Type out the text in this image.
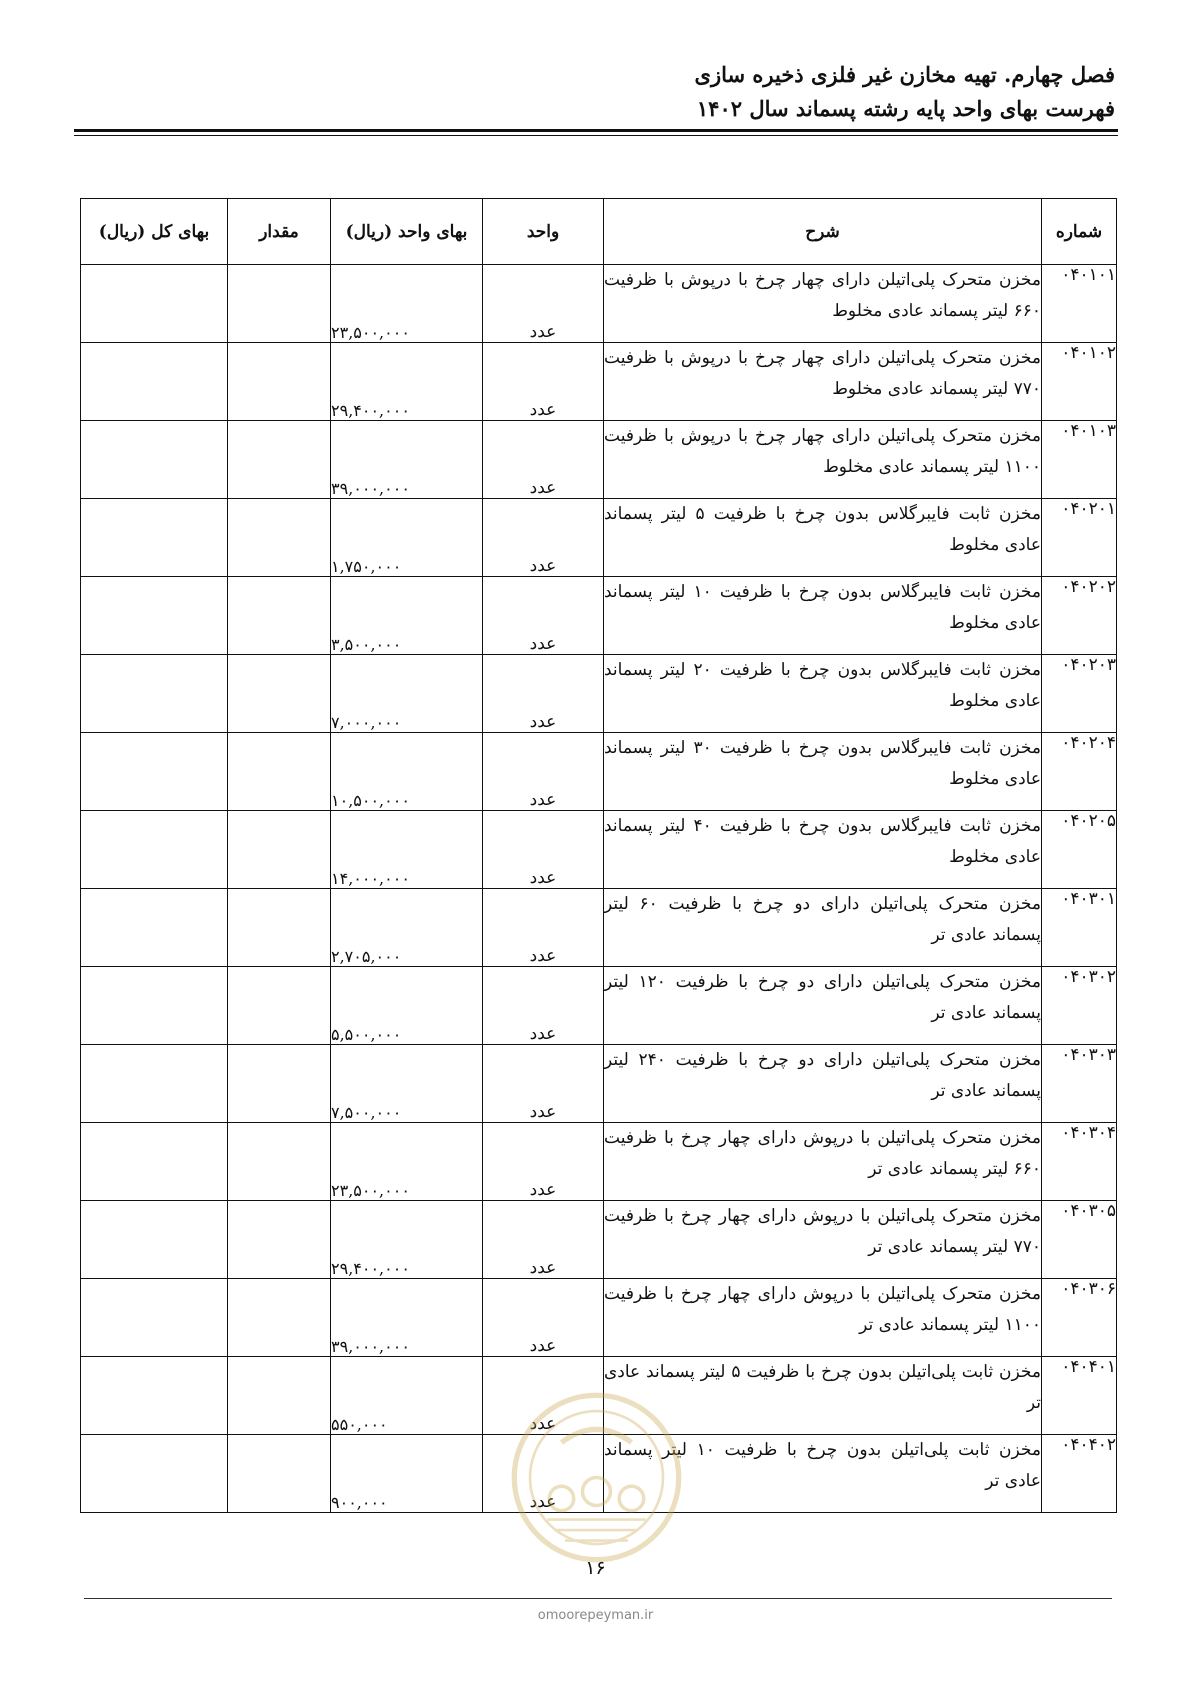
فصل چهارم. تهیه مخازن غیر فلزی ذخیره سازی
فهرست بهای واحد پایه رشته پسماند سال ۱۴۰۲
شماره	شرح	واحد	بهای واحد (ریال)	مقدار	بهای کل (ریال)
۰۴۰۱۰۱	مخزن متحرک پلی‌اتیلن دارای چهار چرخ با درپوش با ظرفیت ۶۶۰ لیتر پسماند عادی مخلوط	عدد	۲۳,۵۰۰,۰۰۰		
۰۴۰۱۰۲	مخزن متحرک پلی‌اتیلن دارای چهار چرخ با درپوش با ظرفیت ۷۷۰ لیتر پسماند عادی مخلوط	عدد	۲۹,۴۰۰,۰۰۰		
۰۴۰۱۰۳	مخزن متحرک پلی‌اتیلن دارای چهار چرخ با درپوش با ظرفیت ۱۱۰۰ لیتر پسماند عادی مخلوط	عدد	۳۹,۰۰۰,۰۰۰		
۰۴۰۲۰۱	مخزن ثابت فایبرگلاس بدون چرخ با ظرفیت ۵ لیتر پسماند عادی مخلوط	عدد	۱,۷۵۰,۰۰۰		
۰۴۰۲۰۲	مخزن ثابت فایبرگلاس بدون چرخ با ظرفیت ۱۰ لیتر پسماند عادی مخلوط	عدد	۳,۵۰۰,۰۰۰		
۰۴۰۲۰۳	مخزن ثابت فایبرگلاس بدون چرخ با ظرفیت ۲۰ لیتر پسماند عادی مخلوط	عدد	۷,۰۰۰,۰۰۰		
۰۴۰۲۰۴	مخزن ثابت فایبرگلاس بدون چرخ با ظرفیت ۳۰ لیتر پسماند عادی مخلوط	عدد	۱۰,۵۰۰,۰۰۰		
۰۴۰۲۰۵	مخزن ثابت فایبرگلاس بدون چرخ با ظرفیت ۴۰ لیتر پسماند عادی مخلوط	عدد	۱۴,۰۰۰,۰۰۰		
۰۴۰۳۰۱	مخزن متحرک پلی‌اتیلن دارای دو چرخ با ظرفیت ۶۰ لیتر پسماند عادی تر	عدد	۲,۷۰۵,۰۰۰		
۰۴۰۳۰۲	مخزن متحرک پلی‌اتیلن دارای دو چرخ با ظرفیت ۱۲۰ لیتر پسماند عادی تر	عدد	۵,۵۰۰,۰۰۰		
۰۴۰۳۰۳	مخزن متحرک پلی‌اتیلن دارای دو چرخ با ظرفیت ۲۴۰ لیتر پسماند عادی تر	عدد	۷,۵۰۰,۰۰۰		
۰۴۰۳۰۴	مخزن متحرک پلی‌اتیلن با درپوش دارای چهار چرخ با ظرفیت ۶۶۰ لیتر پسماند عادی تر	عدد	۲۳,۵۰۰,۰۰۰		
۰۴۰۳۰۵	مخزن متحرک پلی‌اتیلن با درپوش دارای چهار چرخ با ظرفیت ۷۷۰ لیتر پسماند عادی تر	عدد	۲۹,۴۰۰,۰۰۰		
۰۴۰۳۰۶	مخزن متحرک پلی‌اتیلن با درپوش دارای چهار چرخ با ظرفیت ۱۱۰۰ لیتر پسماند عادی تر	عدد	۳۹,۰۰۰,۰۰۰		
۰۴۰۴۰۱	مخزن ثابت پلی‌اتیلن بدون چرخ با ظرفیت ۵ لیتر پسماند عادی تر	عدد	۵۵۰,۰۰۰		
۰۴۰۴۰۲	مخزن ثابت پلی‌اتیلن بدون چرخ با ظرفیت ۱۰ لیتر پسماند عادی تر	عدد	۹۰۰,۰۰۰		
۱۶
omoorepeyman.ir
